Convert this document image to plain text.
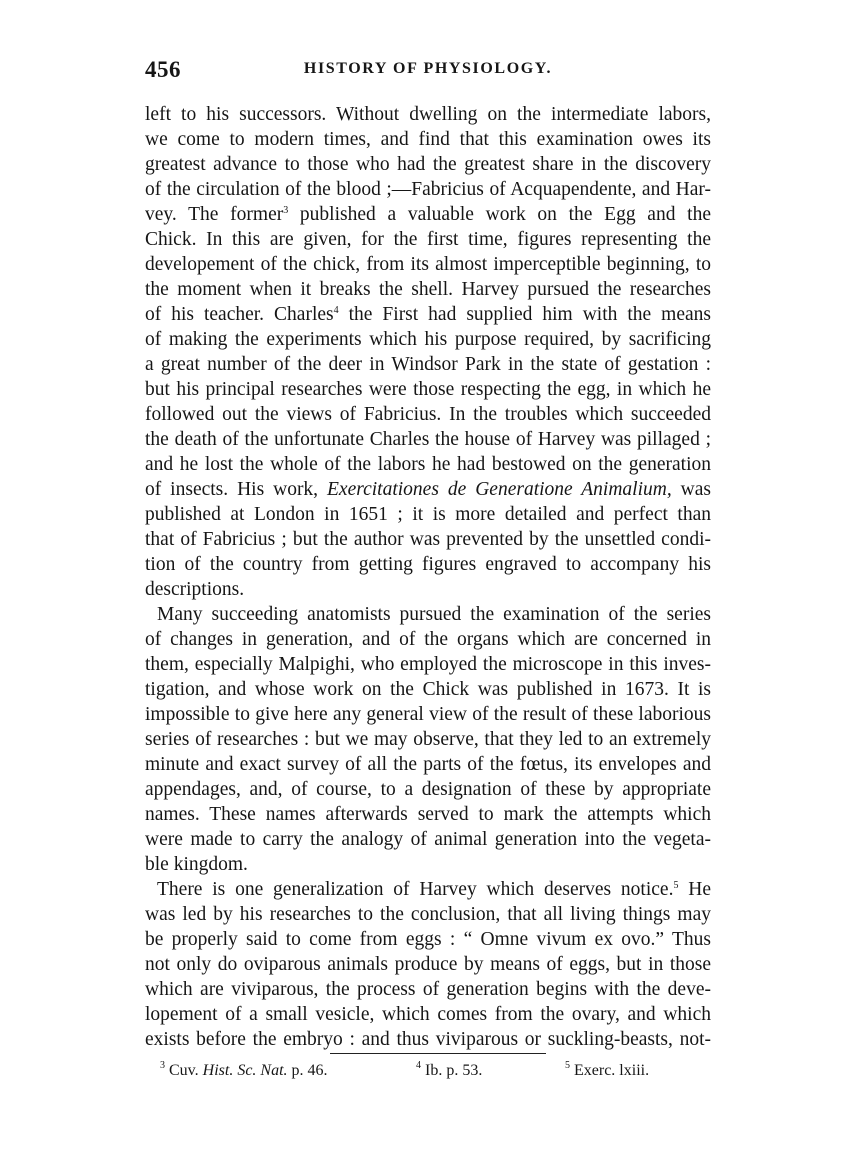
456	HISTORY OF PHYSIOLOGY.
left to his successors. Without dwelling on the intermediate labors,
we come to modern times, and find that this examination owes its
greatest advance to those who had the greatest share in the discovery
of the circulation of the blood ;—Fabricius of Acquapendente, and Har-
vey. The former$^3$ published a valuable work on the Egg and the
Chick. In this are given, for the first time, figures representing the
developement of the chick, from its almost imperceptible beginning, to
the moment when it breaks the shell. Harvey pursued the researches
of his teacher. Charles$^4$ the First had supplied him with the means
of making the experiments which his purpose required, by sacrificing
a great number of the deer in Windsor Park in the state of gestation :
but his principal researches were those respecting the egg, in which he
followed out the views of Fabricius. In the troubles which succeeded
the death of the unfortunate Charles the house of Harvey was pillaged ;
and he lost the whole of the labors he had bestowed on the generation
of insects. His work, Exercitationes de Generatione Animalium, was
published at London in 1651 ; it is more detailed and perfect than
that of Fabricius ; but the author was prevented by the unsettled condi-
tion of the country from getting figures engraved to accompany his
descriptions.
Many succeeding anatomists pursued the examination of the series
of changes in generation, and of the organs which are concerned in
them, especially Malpighi, who employed the microscope in this inves-
tigation, and whose work on the Chick was published in 1673. It is
impossible to give here any general view of the result of these laborious
series of researches : but we may observe, that they led to an extremely
minute and exact survey of all the parts of the fœtus, its envelopes and
appendages, and, of course, to a designation of these by appropriate
names. These names afterwards served to mark the attempts which
were made to carry the analogy of animal generation into the vegeta-
ble kingdom.
There is one generalization of Harvey which deserves notice.$^5$ He
was led by his researches to the conclusion, that all living things may
be properly said to come from eggs : “ Omne vivum ex ovo.” Thus
not only do oviparous animals produce by means of eggs, but in those
which are viviparous, the process of generation begins with the deve-
lopement of a small vesicle, which comes from the ovary, and which
exists before the embryo : and thus viviparous or suckling-beasts, not-
$^3$ Cuv. Hist. Sc. Nat. p. 46.	$^4$ Ib. p. 53.	$^5$ Exerc. lxiii.
